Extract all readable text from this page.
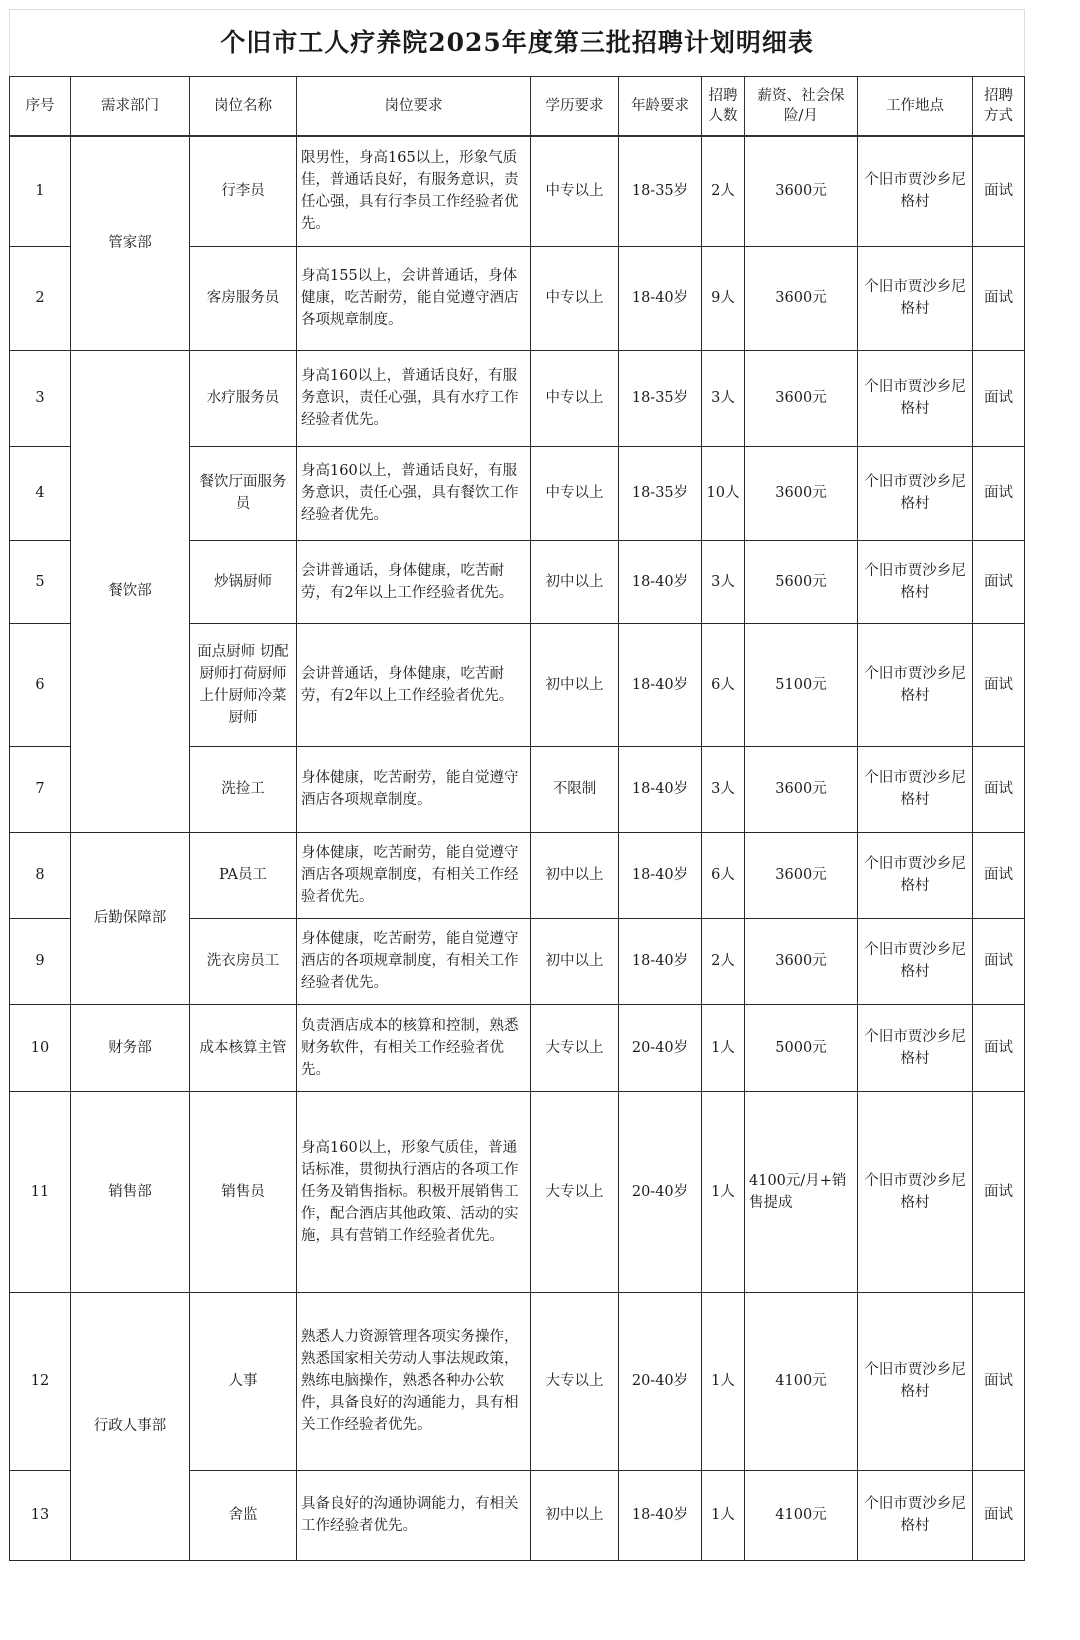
个旧市工人疗养院2025年度第三批招聘计划明细表									
序号	需求部门	岗位名称	岗位要求	学历要求	年龄要求	招聘人数	薪资、社会保险/月	工作地点	招聘方式
1	管家部	行李员	限男性，身高165以上，形象气质佳，普通话良好，有服务意识，责任心强，具有行李员工作经验者优先。	中专以上	18-35岁	2人	3600元	个旧市贾沙乡尼格村	面试
2		客房服务员	身高155以上，会讲普通话，身体健康，吃苦耐劳，能自觉遵守酒店各项规章制度。	中专以上	18-40岁	9人	3600元	个旧市贾沙乡尼格村	面试
3	餐饮部	水疗服务员	身高160以上，普通话良好，有服务意识，责任心强，具有水疗工作经验者优先。	中专以上	18-35岁	3人	3600元	个旧市贾沙乡尼格村	面试
4		餐饮厅面服务员	身高160以上，普通话良好，有服务意识，责任心强，具有餐饮工作经验者优先。	中专以上	18-35岁	10人	3600元	个旧市贾沙乡尼格村	面试
5		炒锅厨师	会讲普通话，身体健康，吃苦耐劳，有2年以上工作经验者优先。	初中以上	18-40岁	3人	5600元	个旧市贾沙乡尼格村	面试
6		面点厨师 切配厨师打荷厨师上什厨师冷菜厨师	会讲普通话，身体健康，吃苦耐劳，有2年以上工作经验者优先。	初中以上	18-40岁	6人	5100元	个旧市贾沙乡尼格村	面试
7		洗捡工	身体健康，吃苦耐劳，能自觉遵守酒店各项规章制度。	不限制	18-40岁	3人	3600元	个旧市贾沙乡尼格村	面试
8	后勤保障部	PA员工	身体健康，吃苦耐劳，能自觉遵守酒店各项规章制度，有相关工作经验者优先。	初中以上	18-40岁	6人	3600元	个旧市贾沙乡尼格村	面试
9		洗衣房员工	身体健康，吃苦耐劳，能自觉遵守酒店的各项规章制度，有相关工作经验者优先。	初中以上	18-40岁	2人	3600元	个旧市贾沙乡尼格村	面试
10	财务部	成本核算主管	负责酒店成本的核算和控制，熟悉财务软件，有相关工作经验者优先。	大专以上	20-40岁	1人	5000元	个旧市贾沙乡尼格村	面试
11	销售部	销售员	身高160以上，形象气质佳，普通话标准，贯彻执行酒店的各项工作任务及销售指标。积极开展销售工作，配合酒店其他政策、活动的实施，具有营销工作经验者优先。	大专以上	20-40岁	1人	4100元/月+销售提成	个旧市贾沙乡尼格村	面试
12	行政人事部	人事	熟悉人力资源管理各项实务操作，熟悉国家相关劳动人事法规政策，熟练电脑操作，熟悉各种办公软件，具备良好的沟通能力，具有相关工作经验者优先。	大专以上	20-40岁	1人	4100元	个旧市贾沙乡尼格村	面试
13		舍监	具备良好的沟通协调能力，有相关工作经验者优先。	初中以上	18-40岁	1人	4100元	个旧市贾沙乡尼格村	面试
